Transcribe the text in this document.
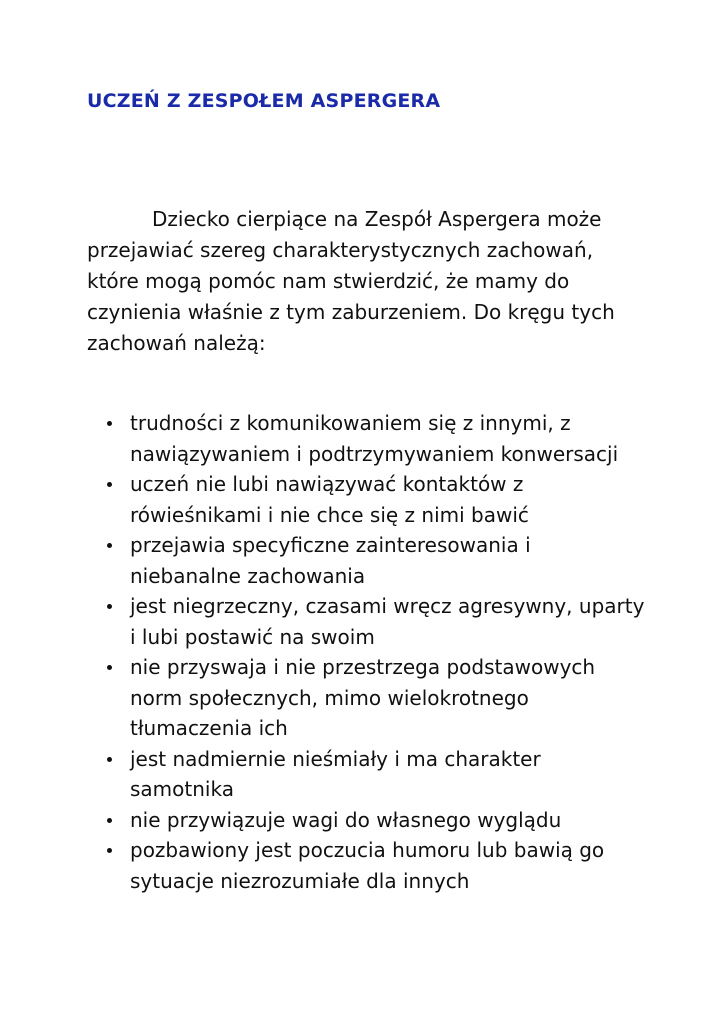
UCZEŃ Z ZESPOŁEM ASPERGERA

Dziecko cierpiące na Zespół Aspergera może przejawiać szereg charakterystycznych zachowań, które mogą pomóc nam stwierdzić, że mamy do czynienia właśnie z tym zaburzeniem. Do kręgu tych zachowań należą:

trudności z komunikowaniem się z innymi, z nawiązywaniem i podtrzymywaniem konwersacji
uczeń nie lubi nawiązywać kontaktów z rówieśnikami i nie chce się z nimi bawić
przejawia specyficzne zainteresowania i niebanalne zachowania
jest niegrzeczny, czasami wręcz agresywny, uparty i lubi postawić na swoim
nie przyswaja i nie przestrzega podstawowych norm społecznych, mimo wielokrotnego tłumaczenia ich
jest nadmiernie nieśmiały i ma charakter samotnika
nie przywiązuje wagi do własnego wyglądu
pozbawiony jest poczucia humoru lub bawią go sytuacje niezrozumiałe dla innych
